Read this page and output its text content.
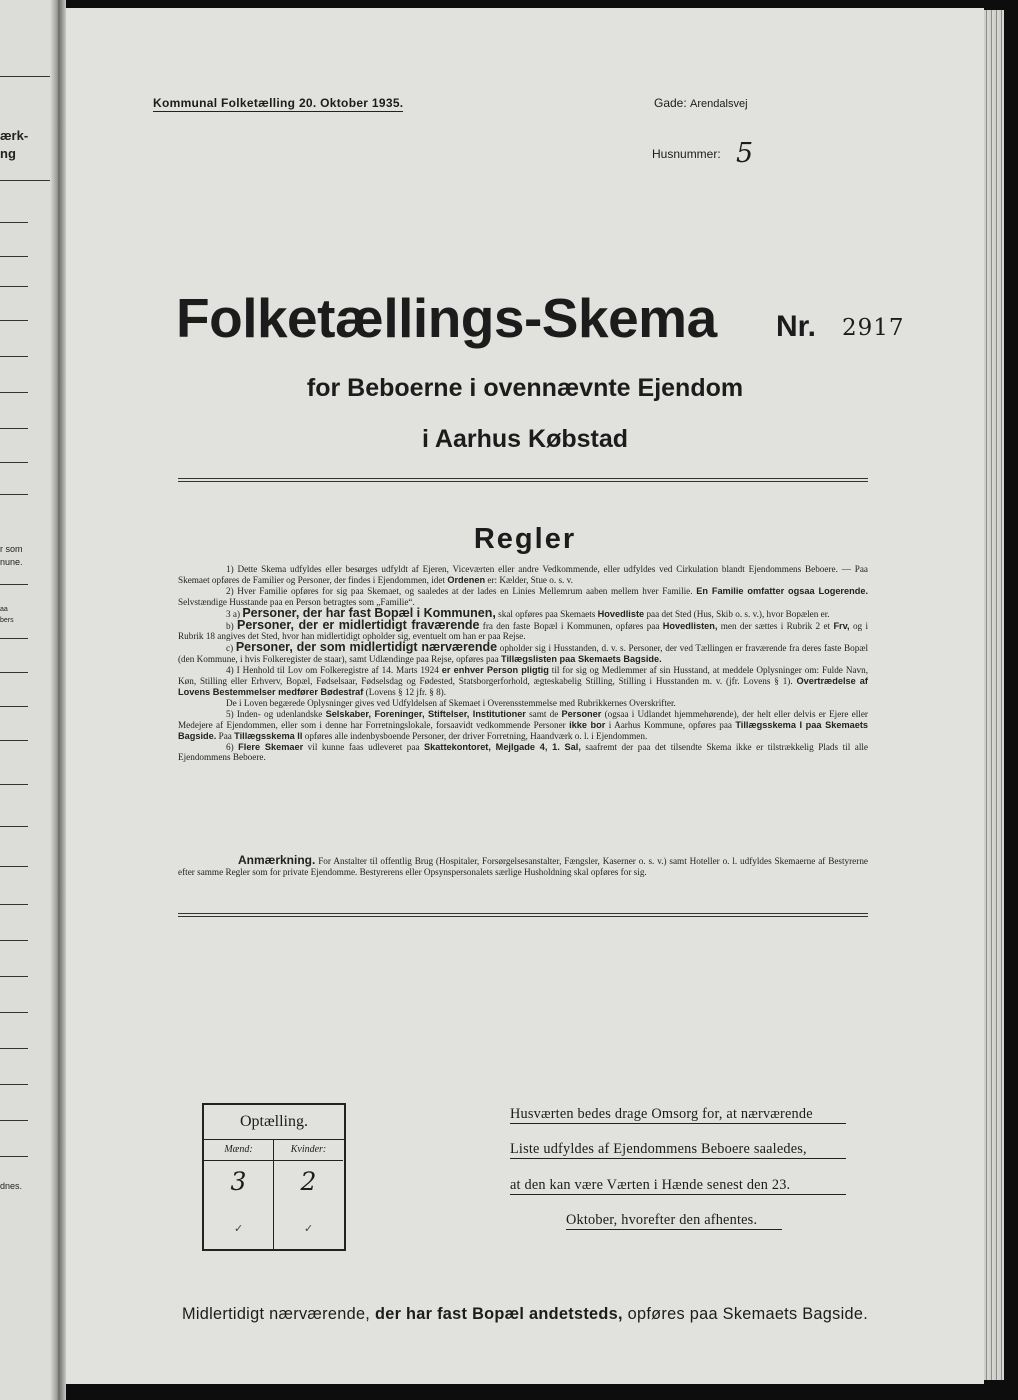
ærk-
ng
r som
nune.
aa
bers
dnes.
Kommunal Folketælling 20. Oktober 1935.	Gade: Arendalsvej
Husnummer: 5
Folketællings-Skema Nr. 2917
for Beboerne i ovennævnte Ejendom
i Aarhus Købstad
Regler

1) Dette Skema udfyldes eller besørges udfyldt af Ejeren, Viceværten eller andre Vedkommende, eller udfyldes ved Cirkulation blandt Ejendommens Beboere. — Paa Skemaet opføres de Familier og Personer, der findes i Ejendommen, idet Ordenen er: Kælder, Stue o. s. v.

2) Hver Familie opføres for sig paa Skemaet, og saaledes at der lades en Linies Mellemrum aaben mellem hver Familie. En Familie omfatter ogsaa Logerende. Selvstændige Husstande paa en Person betragtes som „Familie“.

3 a) Personer, der har fast Bopæl i Kommunen, skal opføres paa Skemaets Hovedliste paa det Sted (Hus, Skib o. s. v.), hvor Bopælen er.

b) Personer, der er midlertidigt fraværende fra den faste Bopæl i Kommunen, opføres paa Hovedlisten, men der sættes i Rubrik 2 et Frv, og i Rubrik 18 angives det Sted, hvor han midlertidigt opholder sig, eventuelt om han er paa Rejse.

c) Personer, der som midlertidigt nærværende opholder sig i Husstanden, d. v. s. Personer, der ved Tællingen er fraværende fra deres faste Bopæl (den Kommune, i hvis Folkeregister de staar), samt Udlændinge paa Rejse, opføres paa Tillægslisten paa Skemaets Bagside.

4) I Henhold til Lov om Folkeregistre af 14. Marts 1924 er enhver Person pligtig til for sig og Medlemmer af sin Husstand, at meddele Oplysninger om: Fulde Navn, Køn, Stilling eller Erhverv, Bopæl, Fødselsaar, Fødselsdag og Fødested, Statsborgerforhold, ægteskabelig Stilling, Stilling i Husstanden m. v. (jfr. Lovens § 1). Overtrædelse af Lovens Bestemmelser medfører Bødestraf (Lovens § 12 jfr. § 8).

De i Loven begærede Oplysninger gives ved Udfyldelsen af Skemaet i Overensstemmelse med Rubrikkernes Overskrifter.

5) Inden- og udenlandske Selskaber, Foreninger, Stiftelser, Institutioner samt de Personer (ogsaa i Udlandet hjemmehørende), der helt eller delvis er Ejere eller Medejere af Ejendommen, eller som i denne har Forretningslokale, forsaavidt vedkommende Personer ikke bor i Aarhus Kommune, opføres paa Tillægsskema I paa Skemaets Bagside. Paa Tillægsskema II opføres alle indenbysboende Personer, der driver Forretning, Haandværk o. l. i Ejendommen.

6) Flere Skemaer vil kunne faas udleveret paa Skattekontoret, Mejlgade 4, 1. Sal, saafremt der paa det tilsendte Skema ikke er tilstrækkelig Plads til alle Ejendommens Beboere.

Anmærkning. For Anstalter til offentlig Brug (Hospitaler, Forsørgelsesanstalter, Fængsler, Kaserner o. s. v.) samt Hoteller o. l. udfyldes Skemaerne af Bestyrerne efter samme Regler som for private Ejendomme. Bestyrerens eller Opsynspersonalets særlige Husholdning skal opføres for sig.

Optælling.
Mænd:
3
✓
Kvinder:
2
✓
Husværten bedes drage Omsorg for, at nærværende
Liste udfyldes af Ejendommens Beboere saaledes,
at den kan være Værten i Hænde senest den 23.
Oktober, hvorefter den afhentes.
Midlertidigt nærværende, der har fast Bopæl andetsteds, opføres paa Skemaets Bagside.
